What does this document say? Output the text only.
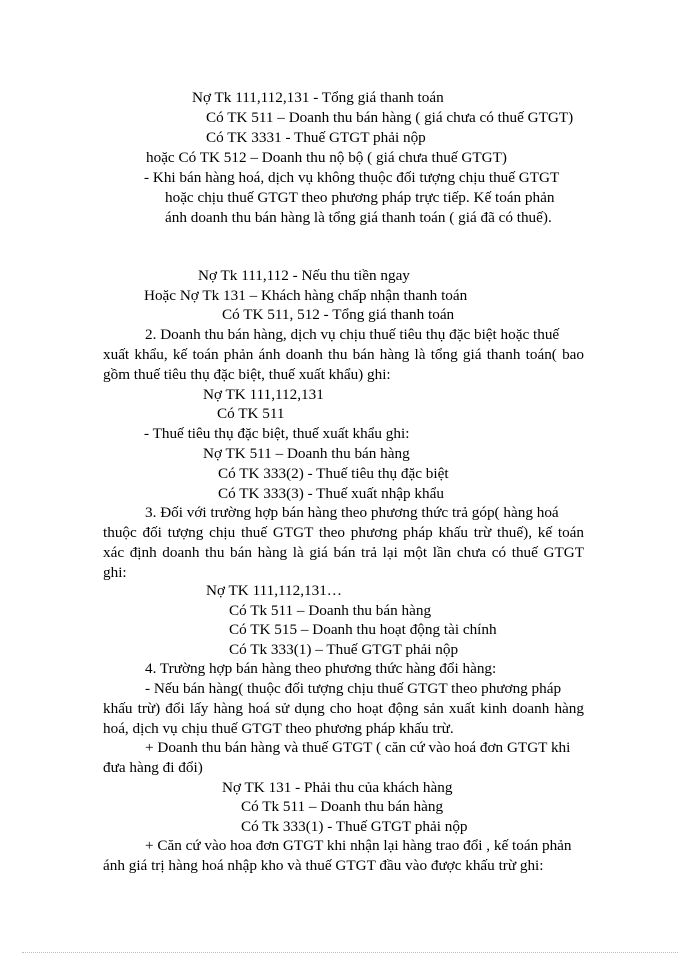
Nợ Tk 111,112,131 - Tổng giá thanh toán
Có TK 511 – Doanh thu bán hàng ( giá chưa có thuế GTGT)
Có TK 3331 - Thuế GTGT phải nộp
hoặc Có TK 512 – Doanh thu nộ bộ ( giá chưa thuế GTGT)
- Khi bán hàng hoá, dịch vụ không thuộc đối tượng chịu thuế GTGT
hoặc chịu thuế GTGT theo phương pháp trực tiếp. Kế toán phản
ánh doanh thu bán hàng là tổng giá thanh toán ( giá đã có thuế).
Nợ Tk 111,112 - Nếu thu tiền ngay
Hoặc Nợ Tk 131 – Khách hàng chấp nhận thanh toán
Có TK 511, 512 - Tổng giá thanh toán
2. Doanh thu bán hàng, dịch vụ chịu thuế tiêu thụ đặc biệt hoặc thuế
xuất khẩu, kế toán phản ánh doanh thu bán hàng là tổng giá thanh toán( bao
gồm thuế tiêu thụ đặc biệt, thuế xuất khẩu) ghi:
Nợ TK 111,112,131
Có TK 511
- Thuế tiêu thụ đặc biệt, thuế xuất khẩu ghi:
Nợ TK 511 – Doanh thu bán hàng
Có TK 333(2) - Thuế tiêu thụ đặc biệt
Có TK 333(3) - Thuế xuất nhập khẩu
3. Đối với trường hợp bán hàng theo phương thức trả góp( hàng hoá
thuộc đối tượng chịu thuế GTGT theo phương pháp khấu trừ thuế), kế toán
xác định doanh thu bán hàng là giá bán trả lại một lần chưa có thuế GTGT
ghi:
Nợ TK 111,112,131…
Có Tk 511 – Doanh thu bán hàng
Có TK 515 – Doanh thu hoạt động tài chính
Có Tk 333(1) – Thuế GTGT phải nộp
4. Trường hợp bán hàng theo phương thức hàng đổi hàng:
- Nếu bán hàng( thuộc đối tượng chịu thuế GTGT theo phương pháp
khấu trừ) đổi lấy hàng hoá sử dụng cho hoạt động sản xuất kinh doanh hàng
hoá, dịch vụ chịu thuế GTGT theo phương pháp khấu trừ.
+ Doanh thu bán hàng và thuế GTGT ( căn cứ vào hoá đơn GTGT khi
đưa hàng đi đổi)
Nợ TK 131 - Phải thu của khách hàng
Có Tk 511 – Doanh thu bán hàng
Có Tk 333(1) - Thuế GTGT phải nộp
+ Căn cứ vào hoa đơn GTGT khi nhận lại hàng trao đổi , kế toán phản
ánh giá trị hàng hoá nhập kho và thuế GTGT đầu vào được khấu trừ ghi:
